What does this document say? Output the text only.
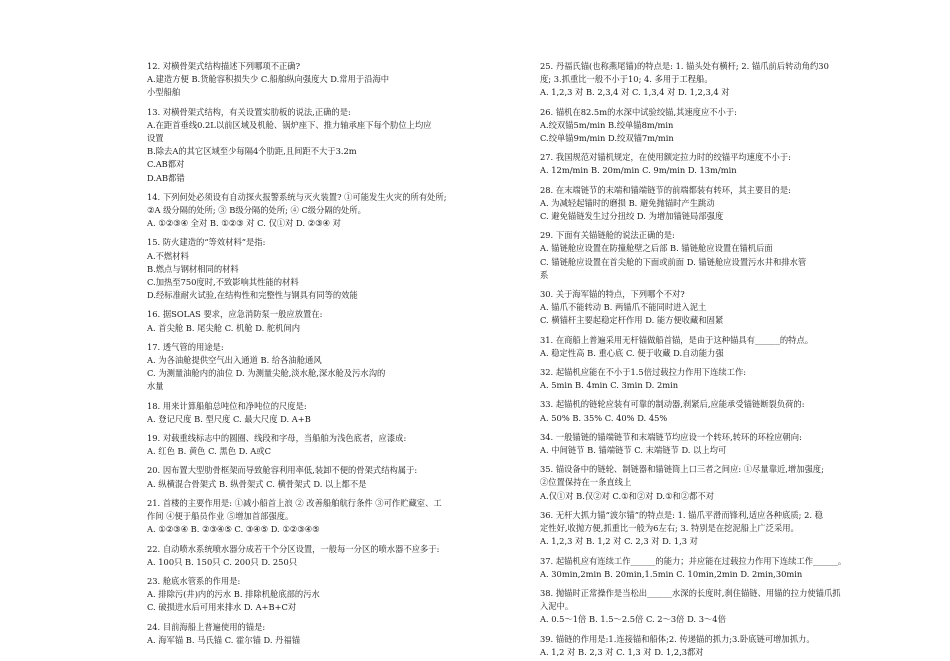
12. 对横骨架式结构描述下列哪项不正确?
A.建造方便 B.货舱容积损失少 C.船舶纵向强度大 D.常用于沿海中
小型船舶
13. 对横骨架式结构，有关设置实肋板的说法,正确的是:
A.在距首垂线0.2L以前区域及机舱、锅炉座下、推力轴承座下每个肋位上均应
设置
B.除去A的其它区域至少每隔4个肋距,且间距不大于3.2m
C.AB都对
D.AB都错
14. 下列何处必须设有自动探火报警系统与灭火装置? ①可能发生火灾的所有处所;
②A 级分隔的处所; ③ B级分隔的处所; ④ C级分隔的处所。
A. ①②③④ 全对 B. ①②③ 对 C. 仅①对 D. ②③④ 对
15. 防火建造的“等效材料”是指:
A.不燃材料
B.燃点与钢材相同的材料
C.加热至750度时,不致影响其性能的材料
D.经标准耐火试验,在结构性和完整性与钢具有同等的效能
16. 据SOLAS 要求，应急消防泵一般应放置在:
A. 首尖舱 B. 尾尖舱 C. 机舱 D. 舵机间内
17. 透气管的用途是:
A. 为各油舱提供空气出入通道 B. 给各油舱通风
C. 为测量油舱内的油位 D. 为测量尖舱,淡水舱,深水舱及污水沟的
水量
18. 用来计算船舶总吨位和净吨位的尺度是:
A. 登记尺度 B. 型尺度 C. 最大尺度 D. A+B
19. 对载重线标志中的圆圈、线段和字母，当船舶为浅色底者，应漆成:
A. 红色 B. 黄色 C. 黑色 D. A或C
20. 因布置大型肋骨框架而导致舱容利用率低,装卸不便的骨架式结构属于:
A. 纵横混合骨架式 B. 纵骨架式 C. 横骨架式 D. 以上都不是
21. 首楼的主要作用是: ①减小船首上浪 ② 改善船舶航行条件 ③可作贮藏室、工
作间 ④便于船员作业 ⑤增加首部强度。
A. ①②③④ B. ②③④⑤ C. ③④⑤ D. ①②③④⑤
22. 自动喷水系统喷水器分成若干个分区设置，一般每一分区的喷水器不应多于:
A. 100只 B. 150只 C. 200只 D. 250只
23. 舱底水管系的作用是:
A. 排除污(井)内的污水 B. 排除机舱底部的污水
C. 破损进水后可用来排水 D. A+B+C对
24. 目前海船上普遍使用的锚是:
A. 海军锚 B. 马氏锚 C. 霍尔锚 D. 丹福锚
25. 丹福氏锚(也称燕尾锚)的特点是: 1. 锚头处有横杆; 2. 锚爪前后转动角约30
度; 3.抓重比一般不小于10; 4. 多用于工程船。
A. 1,2,3 对 B. 2,3,4 对 C. 1,3,4 对 D. 1,2,3,4 对
26. 锚机在82.5m的水深中试验绞锚,其速度应不小于:
A.绞双锚5m/min B.绞单锚8m/min
C.绞单锚9m/min D.绞双锚7m/min
27. 我国规范对锚机规定，在使用额定拉力时的绞锚平均速度不小于:
A. 12m/min B. 20m/min C. 9m/min D. 13m/min
28. 在末端链节的末端和锚端链节的前端都装有转环，其主要目的是:
A. 为减轻起锚时的磨损 B. 避免抛锚时产生跳动
C. 避免锚链发生过分扭绞 D. 为增加锚链局部强度
29. 下面有关锚链舱的说法正确的是:
A. 锚链舱应设置在防撞舱壁之后部 B. 锚链舱应设置在锚机后面
C. 锚链舱应设置在首尖舱的下面或前面 D. 锚链舱应设置污水井和排水管
系
30. 关于海军锚的特点，下列哪个不对?
A. 锚爪不能转动 B. 两锚爪不能同时进入泥土
C. 横锚杆主要起稳定杆作用 D. 能方便收藏和固紧
31. 在商船上普遍采用无杆锚做船首锚，是由于这种锚具有______的特点。
A. 稳定性高 B. 重心底 C. 便于收藏 D.自动能力强
32. 起锚机应能在不小于1.5倍过载拉力作用下连续工作:
A. 5min B. 4min C. 3min D. 2min
33. 起锚机的链轮应装有可靠的制动器,刹紧后,应能承受锚链断裂负荷的:
A. 50% B. 35% C. 40% D. 45%
34. 一般锚链的锚端链节和末端链节均应设一个转环,转环的环栓应朝向:
A. 中间链节 B. 锚端链节 C. 末端链节 D. 以上均可
35. 锚设备中的链轮、制链器和锚链筒上口三者之间应: ①尽量靠近,增加强度;
②位置保持在一条直线上
A.仅①对 B.仅②对 C.①和②对 D.①和②都不对
36. 无杆大抓力锚“波尔锚”的特点是: 1. 锚爪平滑而锋利,适应各种底质; 2. 稳
定性好,收抛方便,抓重比一般为6左右; 3. 特别是在挖泥船上广泛采用。
A. 1,2,3 对 B. 1,2 对 C. 2,3 对 D. 1,3 对
37. 起锚机应有连续工作______的能力；并应能在过载拉力作用下连续工作______。
A. 30min,2min B. 20min,1.5min C. 10min,2min D. 2min,30min
38. 抛锚时正常操作是当松出______水深的长度时,刹住锚链、用锚的拉力使锚爪抓
入泥中。
A. 0.5～1倍 B. 1.5～2.5倍 C. 2～3倍 D. 3～4倍
39. 锚链的作用是:1.连接锚和船体;2. 传递锚的抓力;3.卧底链可增加抓力。
A. 1,2 对 B. 2,3 对 C. 1,3 对 D. 1,2,3都对
